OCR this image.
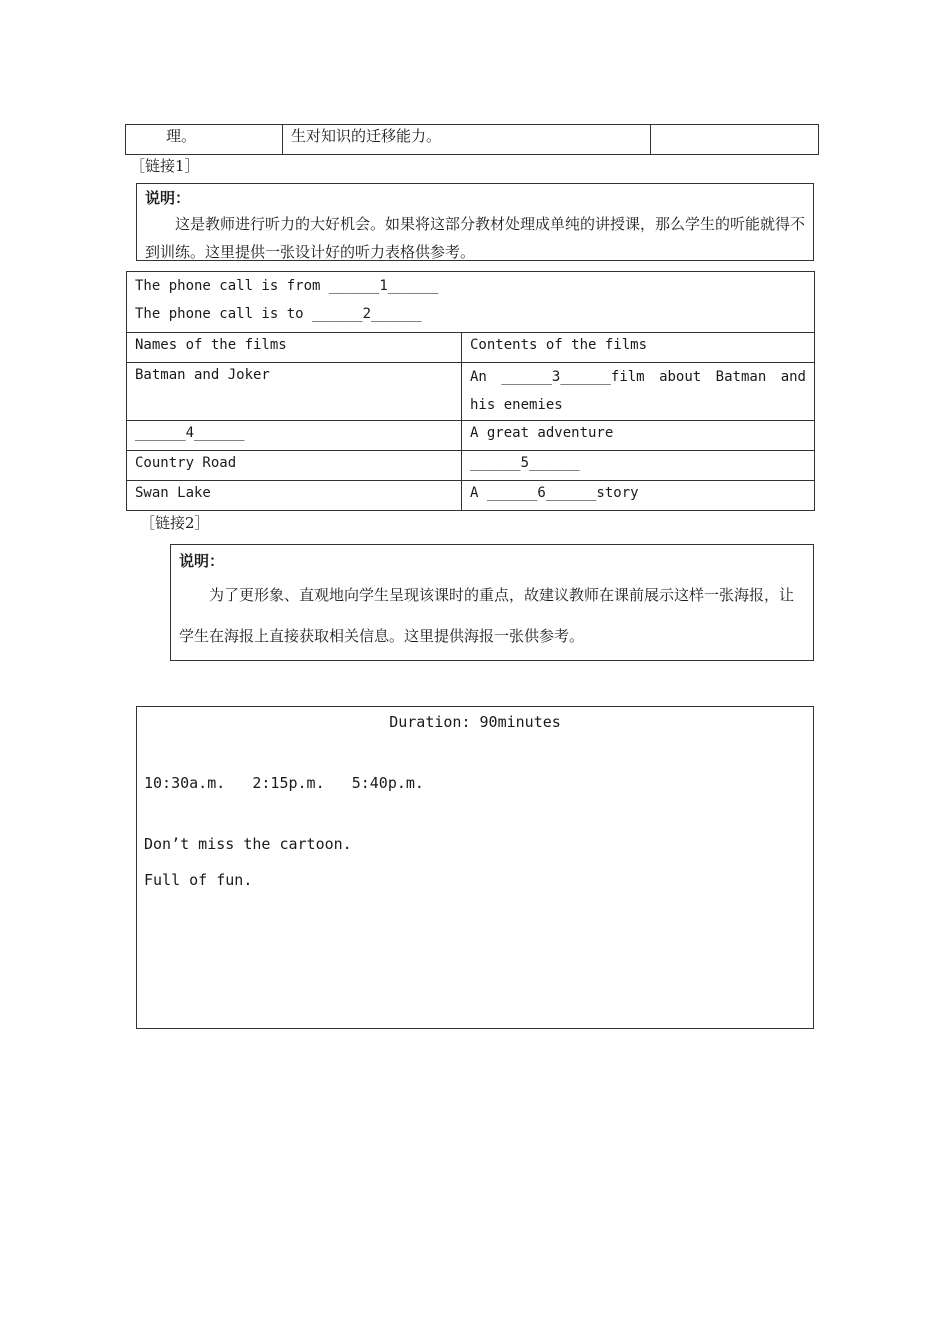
理。	生对知识的迁移能力。	
［链接1］
说明：
这是教师进行听力的大好机会。如果将这部分教材处理成单纯的讲授课，那么学生的听能就得不到训练。这里提供一张设计好的听力表格供参考。
The phone call is from ______1______
The phone call is to ______2______	

Names of the films	Contents of the films
Batman and Joker	An ______3______film about Batman and his enemies
______4______	A great adventure
Country Road	______5______
Swan Lake	A ______6______story
［链接2］
说明：
为了更形象、直观地向学生呈现该课时的重点，故建议教师在课前展示这样一张海报，让学生在海报上直接获取相关信息。这里提供海报一张供参考。
Duration: 90minutes
10:30a.m.   2:15p.m.   5:40p.m.
Don’t miss the cartoon.
Full of fun.
